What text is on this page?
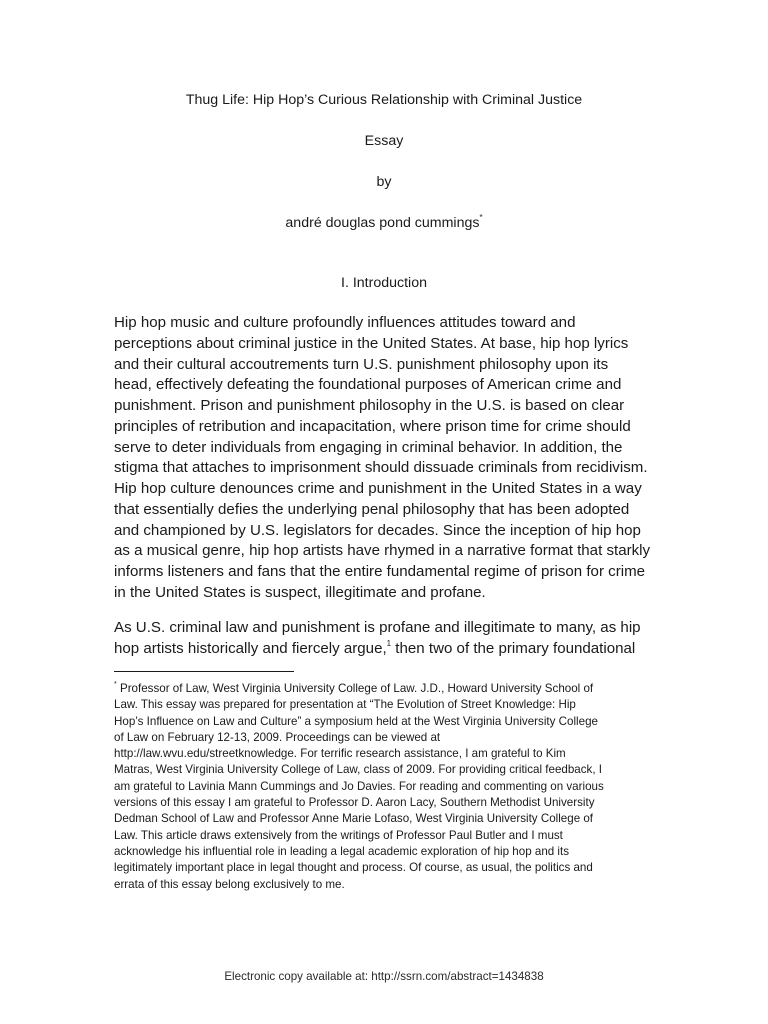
Thug Life: Hip Hop’s Curious Relationship with Criminal Justice
Essay
by
andré douglas pond cummings*
I. Introduction
Hip hop music and culture profoundly influences attitudes toward and
perceptions about criminal justice in the United States. At base, hip hop lyrics
and their cultural accoutrements turn U.S. punishment philosophy upon its
head, effectively defeating the foundational purposes of American crime and
punishment. Prison and punishment philosophy in the U.S. is based on clear
principles of retribution and incapacitation, where prison time for crime should
serve to deter individuals from engaging in criminal behavior. In addition, the
stigma that attaches to imprisonment should dissuade criminals from recidivism.
Hip hop culture denounces crime and punishment in the United States in a way
that essentially defies the underlying penal philosophy that has been adopted
and championed by U.S. legislators for decades. Since the inception of hip hop
as a musical genre, hip hop artists have rhymed in a narrative format that starkly
informs listeners and fans that the entire fundamental regime of prison for crime
in the United States is suspect, illegitimate and profane.
As U.S. criminal law and punishment is profane and illegitimate to many, as hip
hop artists historically and fiercely argue,$^1$ then two of the primary foundational
* Professor of Law, West Virginia University College of Law. J.D., Howard University School of
Law. This essay was prepared for presentation at “The Evolution of Street Knowledge: Hip
Hop’s Influence on Law and Culture” a symposium held at the West Virginia University College
of Law on February 12-13, 2009. Proceedings can be viewed at
http://law.wvu.edu/streetknowledge. For terrific research assistance, I am grateful to Kim
Matras, West Virginia University College of Law, class of 2009. For providing critical feedback, I
am grateful to Lavinia Mann Cummings and Jo Davies. For reading and commenting on various
versions of this essay I am grateful to Professor D. Aaron Lacy, Southern Methodist University
Dedman School of Law and Professor Anne Marie Lofaso, West Virginia University College of
Law. This article draws extensively from the writings of Professor Paul Butler and I must
acknowledge his influential role in leading a legal academic exploration of hip hop and its
legitimately important place in legal thought and process. Of course, as usual, the politics and
errata of this essay belong exclusively to me.
Electronic copy available at: http://ssrn.com/abstract=1434838
